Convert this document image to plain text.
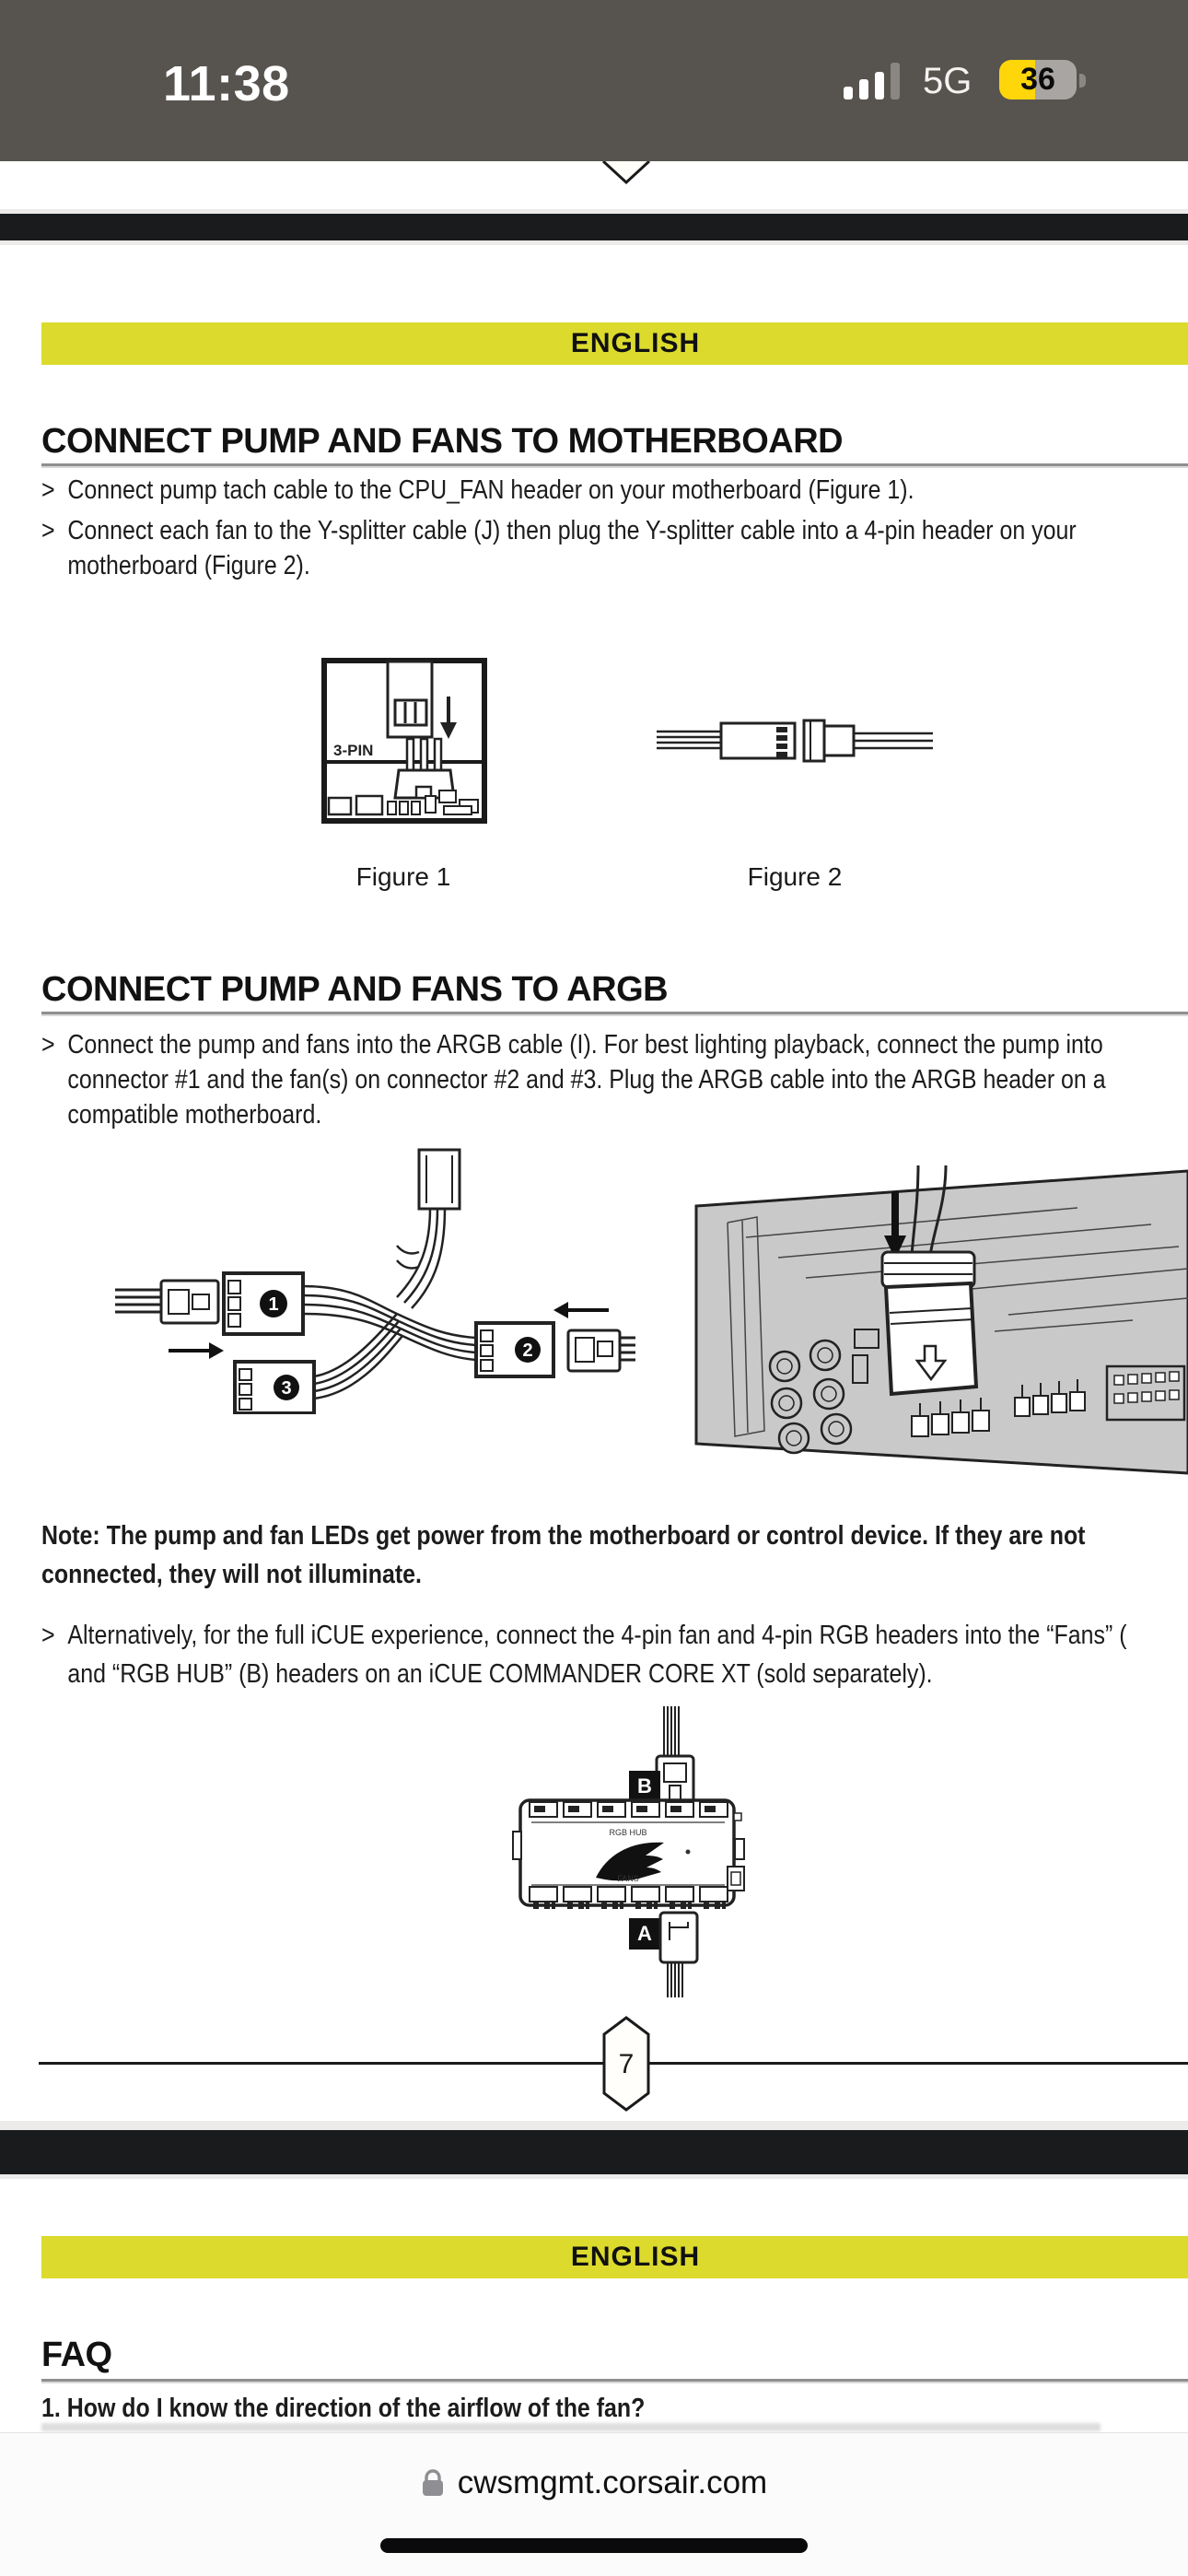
11:38	5G 36
ENGLISH
CONNECT PUMP AND FANS TO MOTHERBOARD
> Connect pump tach cable to the CPU_FAN header on your motherboard (Figure 1).
> Connect each fan to the Y-splitter cable (J) then plug the Y-splitter cable into a 4-pin header on your
motherboard (Figure 2).
3-PIN
Figure 1	Figure 2
CONNECT PUMP AND FANS TO ARGB
> Connect the pump and fans into the ARGB cable (I). For best lighting playback, connect the pump into
connector #1 and the fan(s) on connector #2 and #3. Plug the ARGB cable into the ARGB header on a
compatible motherboard.
1
2
3
Note: The pump and fan LEDs get power from the motherboard or control device. If they are not
connected, they will not illuminate.
> Alternatively, for the full iCUE experience, connect the 4-pin fan and 4-pin RGB headers into the “Fans” (
and “RGB HUB” (B) headers on an iCUE COMMANDER CORE XT (sold separately).
B
RGB HUB
FANS
A
7
ENGLISH
FAQ
1. How do I know the direction of the airflow of the fan?
cwsmgmt.corsair.com
